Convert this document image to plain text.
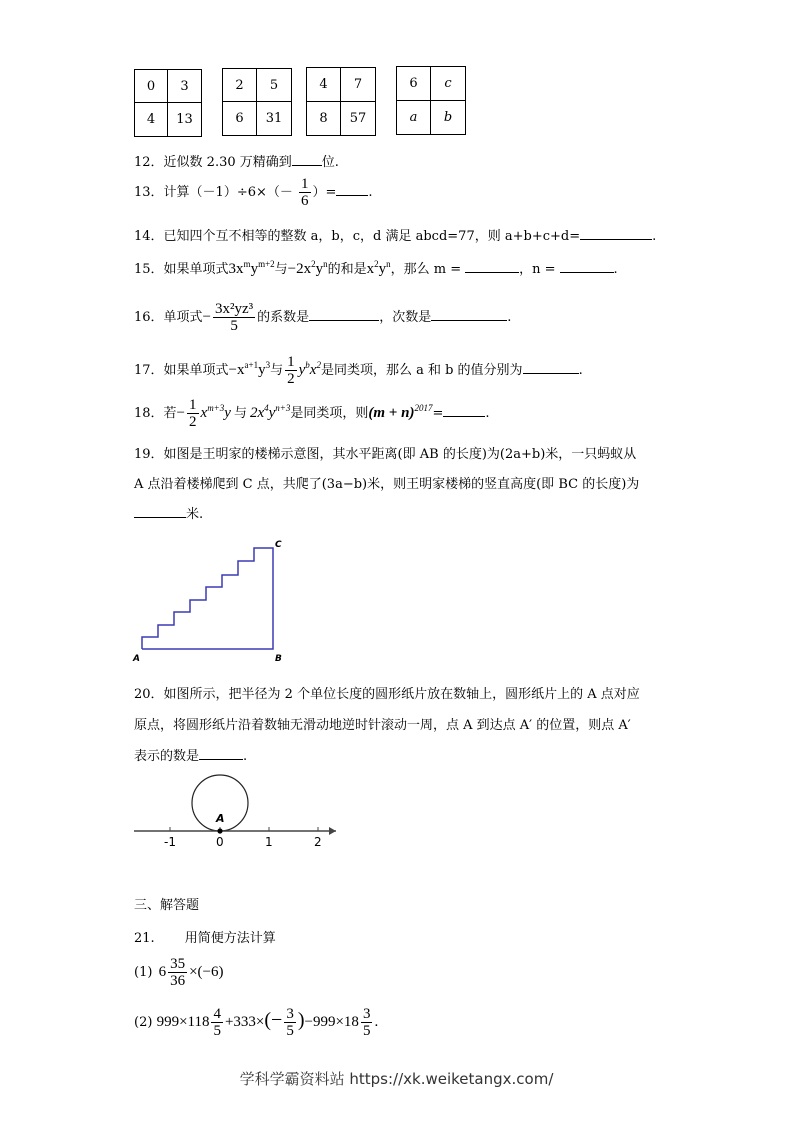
0	3
4	13
2	5
6	31
4	7
8	57
6	c
a	b
12．近似数 2.30 万精确到 位.
13．计算$(-1)\div 6\times(- \frac{1}{6}$ ）= .
14．已知四个互不相等的整数 a，b，c，d 满足 abcd=77，则 a+b+c+d=	.
15．如果单项式$3x^my^{m+2}$与$-2x^2y^n$的和是$x^2y^n$，那么 m =	，n =	.
16．单项式− $\frac{\text{3x²yz³}}{5}$ 的系数是	，次数是	.
17．如果单项式$-x^{a+1}y^3$与 $\frac{1}{2} y^bx^2$是同类项，那么 a 和 b 的值分别为	.
18．若− $\frac{1}{2} x^{m+3}y$ 与 $2x^4y^{n+3}$是同类项，则$(m + n)^{2017}=$	.
19．如图是王明家的楼梯示意图，其水平距离(即 AB 的长度)为(2a+b)米，一只蚂蚁从
A 点沿着楼梯爬到 C 点，共爬了(3a−b)米，则王明家楼梯的竖直高度(即 BC 的长度)为
米.
C
A	B
20．如图所示，把半径为 2 个单位长度的圆形纸片放在数轴上，圆形纸片上的 A 点对应
原点，将圆形纸片沿着数轴无滑动地逆时针滚动一周，点 A 到达点 A′ 的位置，则点 A′
表示的数是	.
A
-1	0	1	2
三、解答题
21. 用简便方法计算
(1) $6 \frac{35}{36} \times(-6)$
(2) $999\times 118 \frac{4}{5} +333\times(- \frac{3}{5} )-999\times 18 \frac{3}{5}$ .
学科学霸资料站 https://xk.weiketangx.com/
